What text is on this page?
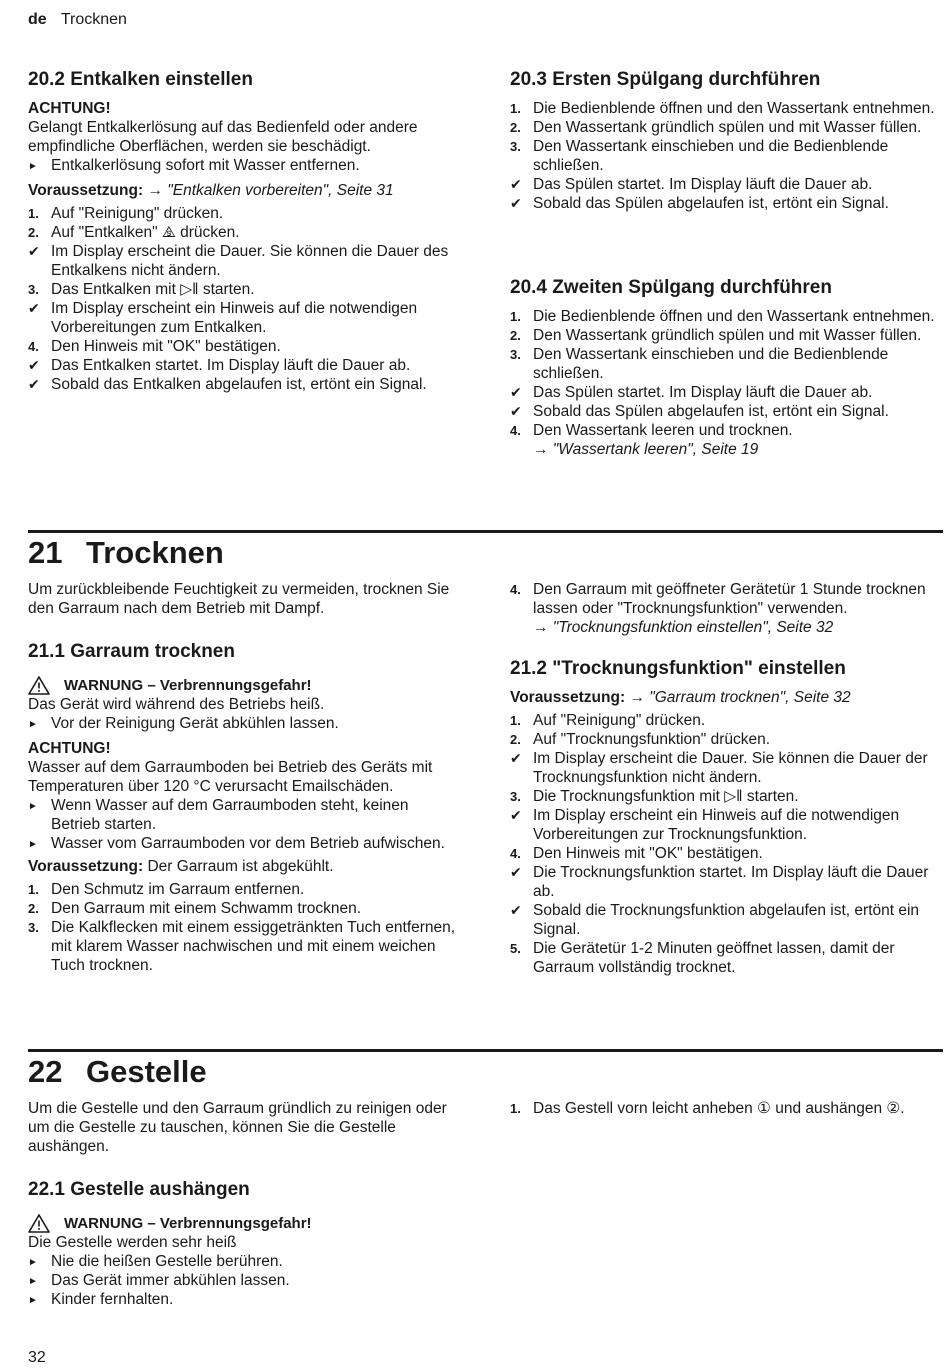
de Trocknen
20.2 Entkalken einstellen

ACHTUNG!

Gelangt Entkalkerlösung auf das Bedienfeld oder andere empfindliche Oberflächen, werden sie beschädigt.

► Entkalkerlösung sofort mit Wasser entfernen.

Voraussetzung: → "Entkalken vorbereiten", Seite 31

1. Auf "Reinigung" drücken.
2. Auf "Entkalken" ⧌ drücken.
✔ Im Display erscheint die Dauer. Sie können die Dauer des Entkalkens nicht ändern.
3. Das Entkalken mit ▷‖ starten.
✔ Im Display erscheint ein Hinweis auf die notwendigen Vorbereitungen zum Entkalken.
4. Den Hinweis mit "OK" bestätigen.
✔ Das Entkalken startet. Im Display läuft die Dauer ab.
✔ Sobald das Entkalken abgelaufen ist, ertönt ein Signal.
20.3 Ersten Spülgang durchführen
1. Die Bedienblende öffnen und den Wassertank entnehmen.
2. Den Wassertank gründlich spülen und mit Wasser füllen.
3. Den Wassertank einschieben und die Bedienblende schließen.
✔ Das Spülen startet. Im Display läuft die Dauer ab.
✔ Sobald das Spülen abgelaufen ist, ertönt ein Signal.
20.4 Zweiten Spülgang durchführen
1. Die Bedienblende öffnen und den Wassertank entnehmen.
2. Den Wassertank gründlich spülen und mit Wasser füllen.
3. Den Wassertank einschieben und die Bedienblende schließen.
✔ Das Spülen startet. Im Display läuft die Dauer ab.
✔ Sobald das Spülen abgelaufen ist, ertönt ein Signal.
4. Den Wassertank leeren und trocknen.
→ "Wassertank leeren", Seite 19
21 Trocknen

Um zurückbleibende Feuchtigkeit zu vermeiden, trocknen Sie den Garraum nach dem Betrieb mit Dampf.

21.1 Garraum trocknen
WARNUNG – Verbrennungsgefahr!

Das Gerät wird während des Betriebs heiß.

► Vor der Reinigung Gerät abkühlen lassen.

ACHTUNG!

Wasser auf dem Garraumboden bei Betrieb des Geräts mit Temperaturen über 120 °C verursacht Emailschäden.

► Wenn Wasser auf dem Garraumboden steht, keinen Betrieb starten.
► Wasser vom Garraumboden vor dem Betrieb aufwischen.

Voraussetzung: Der Garraum ist abgekühlt.

1. Den Schmutz im Garraum entfernen.
2. Den Garraum mit einem Schwamm trocknen.
3. Die Kalkflecken mit einem essiggetränkten Tuch entfernen, mit klarem Wasser nachwischen und mit einem weichen Tuch trocknen.
4. Den Garraum mit geöffneter Gerätetür 1 Stunde trocknen lassen oder "Trocknungsfunktion" verwenden.
→ "Trocknungsfunktion einstellen", Seite 32
21.2 "Trocknungsfunktion" einstellen

Voraussetzung: → "Garraum trocknen", Seite 32

1. Auf "Reinigung" drücken.
2. Auf "Trocknungsfunktion" drücken.
✔ Im Display erscheint die Dauer. Sie können die Dauer der Trocknungsfunktion nicht ändern.
3. Die Trocknungsfunktion mit ▷‖ starten.
✔ Im Display erscheint ein Hinweis auf die notwendigen Vorbereitungen zur Trocknungsfunktion.
4. Den Hinweis mit "OK" bestätigen.
✔ Die Trocknungsfunktion startet. Im Display läuft die Dauer ab.
✔ Sobald die Trocknungsfunktion abgelaufen ist, ertönt ein Signal.
5. Die Gerätetür 1-2 Minuten geöffnet lassen, damit der Garraum vollständig trocknet.
22 Gestelle

Um die Gestelle und den Garraum gründlich zu reinigen oder um die Gestelle zu tauschen, können Sie die Gestelle aushängen.

22.1 Gestelle aushängen
WARNUNG – Verbrennungsgefahr!

Die Gestelle werden sehr heiß

► Nie die heißen Gestelle berühren.
► Das Gerät immer abkühlen lassen.
► Kinder fernhalten.
1. Das Gestell vorn leicht anheben ① und aushängen ②.
32
